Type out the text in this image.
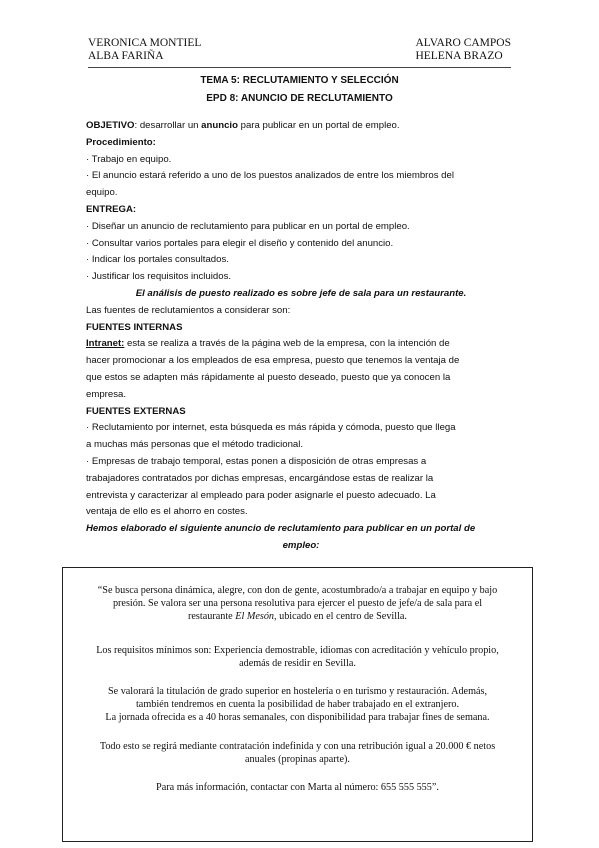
VERONICA MONTIEL
ALBA FARIÑA
ALVARO CAMPOS
HELENA BRAZO
TEMA 5: RECLUTAMIENTO Y SELECCIÓN
EPD 8: ANUNCIO DE RECLUTAMIENTO

OBJETIVO: desarrollar un anuncio para publicar en un portal de empleo.

Procedimiento:

· Trabajo en equipo.

· El anuncio estará referido a uno de los puestos analizados de entre los miembros del

equipo.

ENTREGA:

· Diseñar un anuncio de reclutamiento para publicar en un portal de empleo.

· Consultar varios portales para elegir el diseño y contenido del anuncio.

· Indicar los portales consultados.

· Justificar los requisitos incluidos.

El análisis de puesto realizado es sobre jefe de sala para un restaurante.

Las fuentes de reclutamientos a considerar son:

FUENTES INTERNAS

Intranet: esta se realiza a través de la página web de la empresa, con la intención de

hacer promocionar a los empleados de esa empresa, puesto que tenemos la ventaja de

que estos se adapten más rápidamente al puesto deseado, puesto que ya conocen la

empresa.

FUENTES EXTERNAS

· Reclutamiento por internet, esta búsqueda es más rápida y cómoda, puesto que llega

a muchas más personas que el método tradicional.

· Empresas de trabajo temporal, estas ponen a disposición de otras empresas a

trabajadores contratados por dichas empresas, encargándose estas de realizar la

entrevista y caracterizar al empleado para poder asignarle el puesto adecuado. La

ventaja de ello es el ahorro en costes.

Hemos elaborado el siguiente anuncio de reclutamiento para publicar en un portal de

empleo:

“Se busca persona dinámica, alegre, con don de gente, acostumbrado/a a trabajar en equipo y bajo
presión. Se valora ser una persona resolutiva para ejercer el puesto de jefe/a de sala para el
restaurante El Mesón, ubicado en el centro de Sevilla.
Los requisitos mínimos son: Experiencia demostrable, idiomas con acreditación y vehículo propio,
además de residir en Sevilla.
Se valorará la titulación de grado superior en hostelería o en turismo y restauración. Además,
también tendremos en cuenta la posibilidad de haber trabajado en el extranjero.
La jornada ofrecida es a 40 horas semanales, con disponibilidad para trabajar fines de semana.
Todo esto se regirá mediante contratación indefinida y con una retribución igual a 20.000 € netos
anuales (propinas aparte).
Para más información, contactar con Marta al número: 655 555 555”.
